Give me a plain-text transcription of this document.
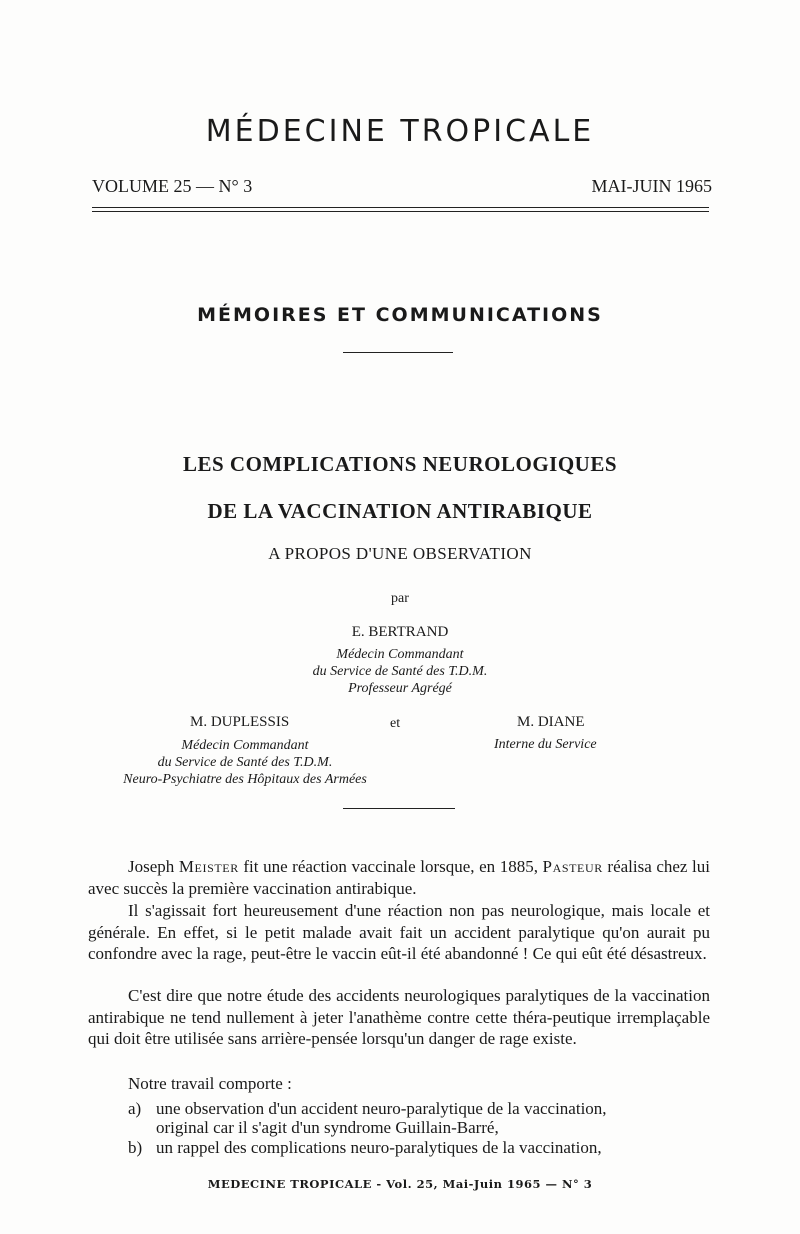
MÉDECINE TROPICALE
VOLUME 25 — N° 3	MAI-JUIN 1965
MÉMOIRES ET COMMUNICATIONS
LES COMPLICATIONS NEUROLOGIQUES
DE LA VACCINATION ANTIRABIQUE
A PROPOS D'UNE OBSERVATION
par
E. BERTRAND
Médecin Commandant
du Service de Santé des T.D.M.
Professeur Agrégé
M. DUPLESSIS	et	M. DIANE
Médecin Commandant
du Service de Santé des T.D.M.
Neuro-Psychiatre des Hôpitaux des Armées
Interne du Service

Joseph Meister fit une réaction vaccinale lorsque, en 1885, Pasteur réalisa chez lui avec succès la première vaccination antirabique.

Il s'agissait fort heureusement d'une réaction non pas neurologique, mais locale et générale. En effet, si le petit malade avait fait un accident paralytique qu'on aurait pu confondre avec la rage, peut-être le vaccin eût-il été abandonné ! Ce qui eût été désastreux.

C'est dire que notre étude des accidents neurologiques paralytiques de la vaccination antirabique ne tend nullement à jeter l'anathème contre cette théra-peutique irremplaçable qui doit être utilisée sans arrière-pensée lorsqu'un danger de rage existe.

Notre travail comporte :
a) une observation d'un accident neuro-paralytique de la vaccination,
original car il s'agit d'un syndrome Guillain-Barré,
b) un rappel des complications neuro-paralytiques de la vaccination,
MEDECINE TROPICALE - Vol. 25, Mai-Juin 1965 — N° 3
